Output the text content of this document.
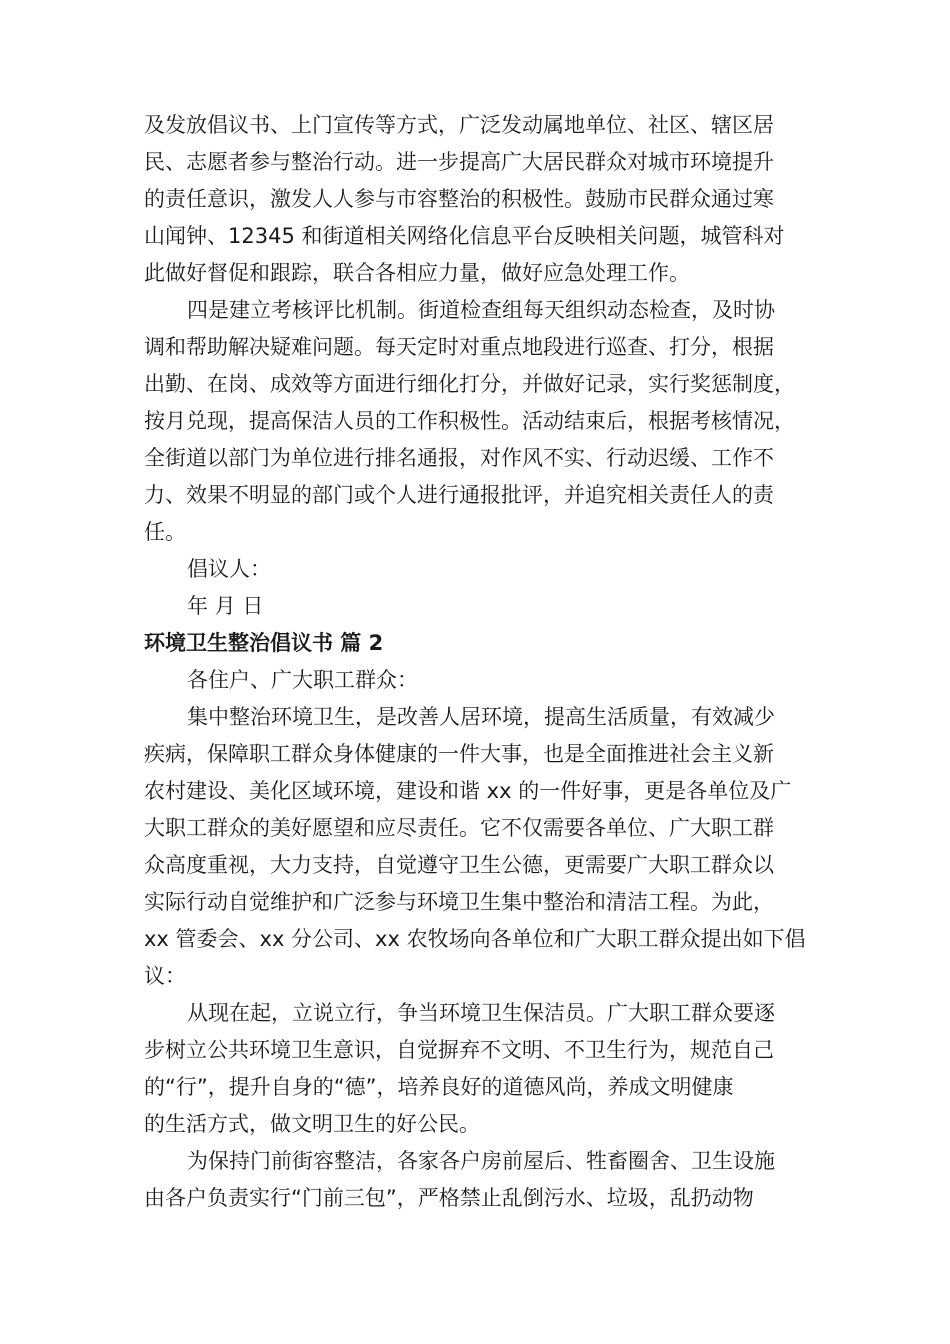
及发放倡议书、上门宣传等方式，广泛发动属地单位、社区、辖区居
民、志愿者参与整治行动。进一步提高广大居民群众对城市环境提升
的责任意识，激发人人参与市容整治的积极性。鼓励市民群众通过寒
山闻钟、12345 和街道相关网络化信息平台反映相关问题，城管科对
此做好督促和跟踪，联合各相应力量，做好应急处理工作。
四是建立考核评比机制。街道检查组每天组织动态检查，及时协
调和帮助解决疑难问题。每天定时对重点地段进行巡查、打分，根据
出勤、在岗、成效等方面进行细化打分，并做好记录，实行奖惩制度，
按月兑现，提高保洁人员的工作积极性。活动结束后，根据考核情况，
全街道以部门为单位进行排名通报，对作风不实、行动迟缓、工作不
力、效果不明显的部门或个人进行通报批评，并追究相关责任人的责
任。
倡议人：
年 月 日
环境卫生整治倡议书 篇 2
各住户、广大职工群众：
集中整治环境卫生，是改善人居环境，提高生活质量，有效减少
疾病，保障职工群众身体健康的一件大事，也是全面推进社会主义新
农村建设、美化区域环境，建设和谐 xx 的一件好事，更是各单位及广
大职工群众的美好愿望和应尽责任。它不仅需要各单位、广大职工群
众高度重视，大力支持，自觉遵守卫生公德，更需要广大职工群众以
实际行动自觉维护和广泛参与环境卫生集中整治和清洁工程。为此，
xx 管委会、xx 分公司、xx 农牧场向各单位和广大职工群众提出如下倡
议：
从现在起，立说立行，争当环境卫生保洁员。广大职工群众要逐
步树立公共环境卫生意识，自觉摒弃不文明、不卫生行为，规范自己
的“行”，提升自身的“德”，培养良好的道德风尚，养成文明健康
的生活方式，做文明卫生的好公民。
为保持门前街容整洁，各家各户房前屋后、牲畜圈舍、卫生设施
由各户负责实行“门前三包”，严格禁止乱倒污水、垃圾，乱扔动物
